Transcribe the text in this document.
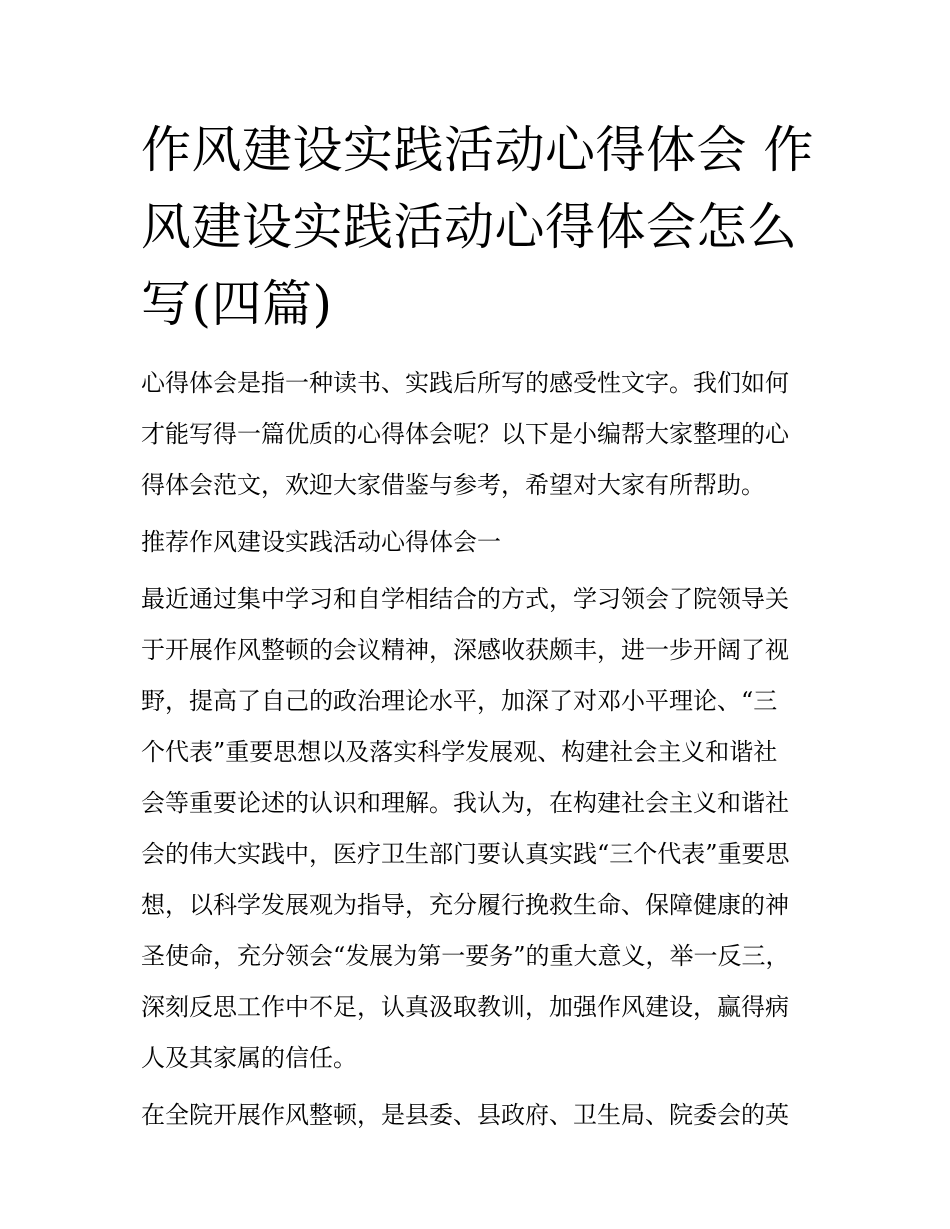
作风建设实践活动心得体会 作
风建设实践活动心得体会怎么
写(四篇)

心得体会是指一种读书、实践后所写的感受性文字。我们如何
才能写得一篇优质的心得体会呢？以下是小编帮大家整理的心
得体会范文，欢迎大家借鉴与参考，希望对大家有所帮助。

推荐作风建设实践活动心得体会一

最近通过集中学习和自学相结合的方式，学习领会了院领导关
于开展作风整顿的会议精神，深感收获颇丰，进一步开阔了视
野，提高了自己的政治理论水平，加深了对邓小平理论、“三
个代表”重要思想以及落实科学发展观、构建社会主义和谐社
会等重要论述的认识和理解。我认为，在构建社会主义和谐社
会的伟大实践中，医疗卫生部门要认真实践“三个代表”重要思
想，以科学发展观为指导，充分履行挽救生命、保障健康的神
圣使命，充分领会“发展为第一要务”的重大意义，举一反三，
深刻反思工作中不足，认真汲取教训，加强作风建设，赢得病
人及其家属的信任。

在全院开展作风整顿，是县委、县政府、卫生局、院委会的英
